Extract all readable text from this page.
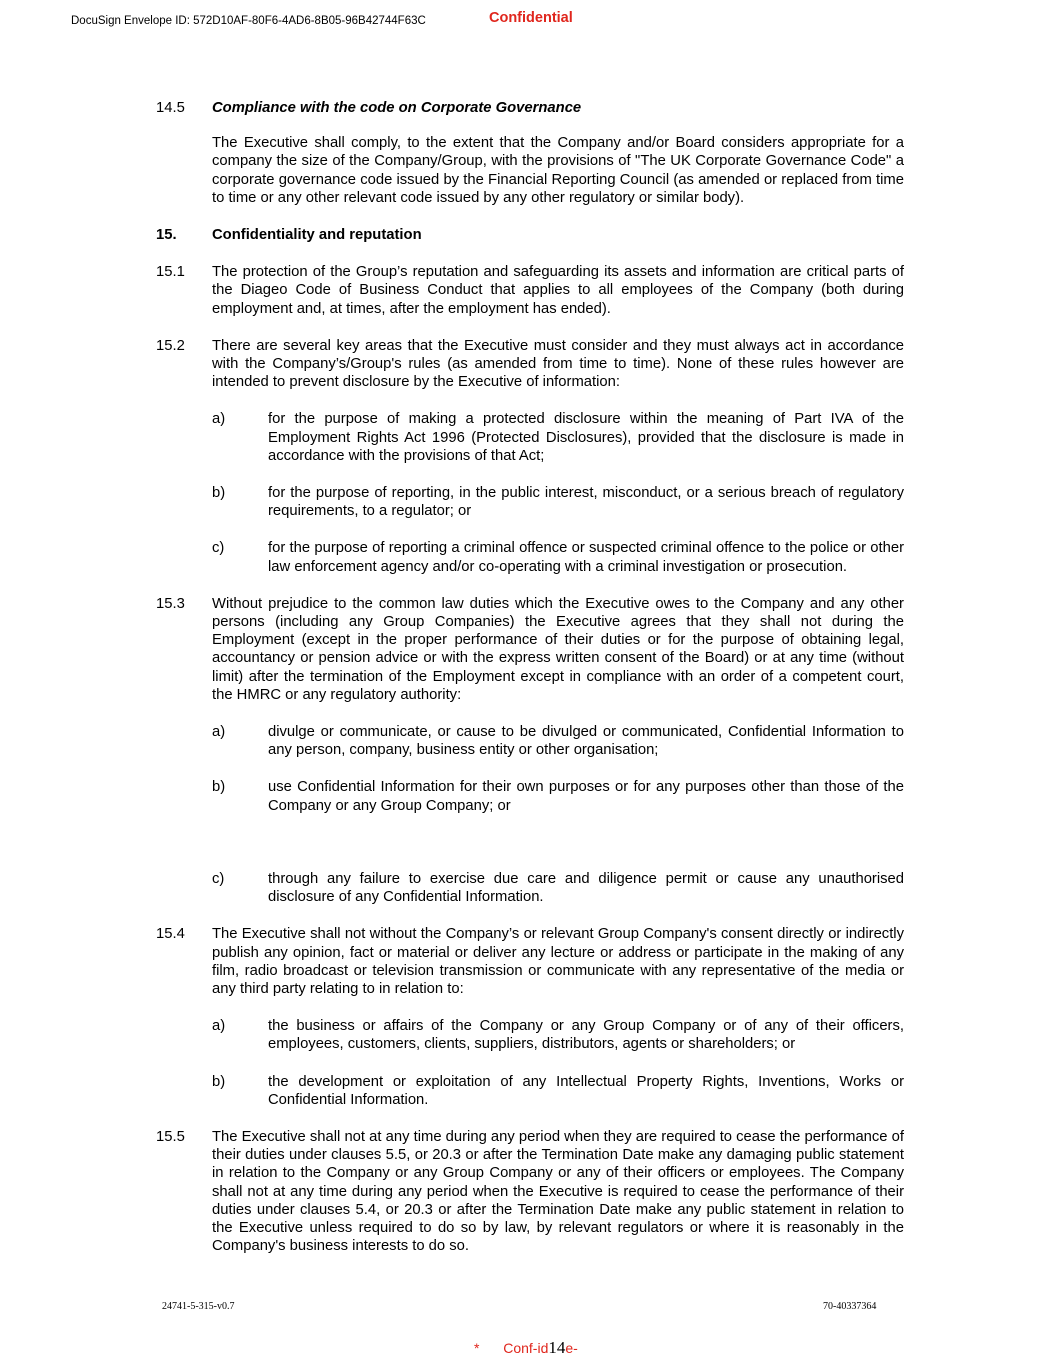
DocuSign Envelope ID: 572D10AF-80F6-4AD6-8B05-96B42744F63C	Confidential
14.5	Compliance with the code on Corporate Governance
The Executive shall comply, to the extent that the Company and/or Board considers appropriate for a company the size of the Company/Group, with the provisions of "The UK Corporate Governance Code" a corporate governance code issued by the Financial Reporting Council (as amended or replaced from time to time or any other relevant code issued by any other regulatory or similar body).
15.	Confidentiality and reputation
15.1	The protection of the Group’s reputation and safeguarding its assets and information are critical parts of the Diageo Code of Business Conduct that applies to all employees of the Company (both during employment and, at times, after the employment has ended).
15.2	There are several key areas that the Executive must consider and they must always act in accordance with the Company’s/Group's rules (as amended from time to time). None of these rules however are intended to prevent disclosure by the Executive of information:
a)	for the purpose of making a protected disclosure within the meaning of Part IVA of the Employment Rights Act 1996 (Protected Disclosures), provided that the disclosure is made in accordance with the provisions of that Act;
b)	for the purpose of reporting, in the public interest, misconduct, or a serious breach of regulatory requirements, to a regulator; or
c)	for the purpose of reporting a criminal offence or suspected criminal offence to the police or other law enforcement agency and/or co-operating with a criminal investigation or prosecution.
15.3	Without prejudice to the common law duties which the Executive owes to the Company and any other persons (including any Group Companies) the Executive agrees that they shall not during the Employment (except in the proper performance of their duties or for the purpose of obtaining legal, accountancy or pension advice or with the express written consent of the Board) or at any time (without limit) after the termination of the Employment except in compliance with an order of a competent court, the HMRC or any regulatory authority:
a)	divulge or communicate, or cause to be divulged or communicated, Confidential Information to any person, company, business entity or other organisation;
b)	use Confidential Information for their own purposes or for any purposes other than those of the Company or any Group Company; or
c)	through any failure to exercise due care and diligence permit or cause any unauthorised disclosure of any Confidential Information.
15.4	The Executive shall not without the Company’s or relevant Group Company's consent directly or indirectly publish any opinion, fact or material or deliver any lecture or address or participate in the making of any film, radio broadcast or television transmission or communicate with any representative of the media or any third party relating to in relation to:
a)	the business or affairs of the Company or any Group Company or of any of their officers, employees, customers, clients, suppliers, distributors, agents or shareholders; or
b)	the development or exploitation of any Intellectual Property Rights, Inventions, Works or Confidential Information.
15.5	The Executive shall not at any time during any period when they are required to cease the performance of their duties under clauses 5.5, or 20.3 or after the Termination Date make any damaging public statement in relation to the Company or any Group Company or any of their officers or employees. The Company shall not at any time during any period when the Executive is required to cease the performance of their duties under clauses 5.4, or 20.3 or after the Termination Date make any public statement in relation to the Executive unless required to do so by law, by relevant regulators or where it is reasonably in the Company's business interests to do so.
24741-5-315-v0.7	70-40337364
* Conf-id14e-
